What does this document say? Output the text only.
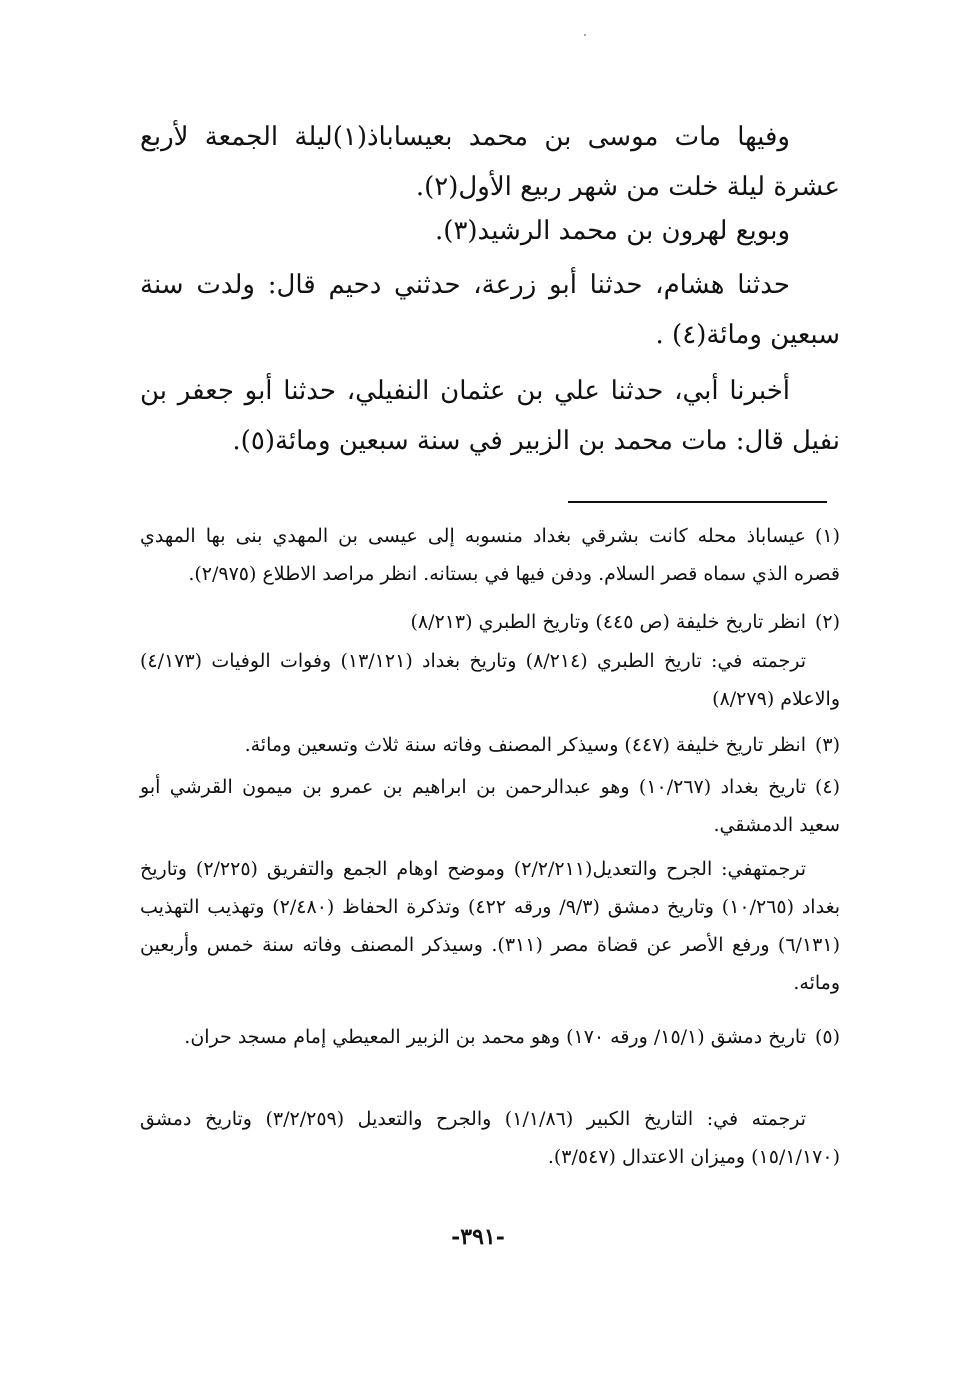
وفيها مات موسى بن محمد بعيساباذ(١)ليلة الجمعة لأربع عشرة ليلة خلت من شهر ربيع الأول(٢).

وبويع لهرون بن محمد الرشيد(٣).

حدثنا هشام، حدثنا أبو زرعة، حدثني دحيم قال: ولدت سنة سبعين ومائة(٤) .

أخبرنا أبي، حدثنا علي بن عثمان النفيلي، حدثنا أبو جعفر بن نفيل قال: مات محمد بن الزبير في سنة سبعين ومائة(٥).

(١)عيساباذ محله كانت بشرقي بغداد منسوبه إلى عيسى بن المهدي بنى بها المهدي قصره الذي سماه قصر السلام. ودفن فيها في بستانه. انظر مراصد الاطلاع (٢/٩٧٥).

(٢)انظر تاريخ خليفة (ص ٤٤٥) وتاريخ الطبري (٨/٢١٣)

ترجمته في: تاريخ الطبري (٨/٢١٤) وتاريخ بغداد (١٣/١٢١) وفوات الوفيات (٤/١٧٣) والاعلام (٨/٢٧٩)

(٣)انظر تاريخ خليفة (٤٤٧) وسيذكر المصنف وفاته سنة ثلاث وتسعين ومائة.

(٤)تاريخ بغداد (١٠/٢٦٧) وهو عبدالرحمن بن ابراهيم بن عمرو بن ميمون القرشي أبو سعيد الدمشقي.

ترجمتهفي: الجرح والتعديل(٢/٢/٢١١) وموضح اوهام الجمع والتفريق (٢/٢٢٥) وتاريخ بغداد (١٠/٢٦٥) وتاريخ دمشق (٩/٣/ ورقه ٤٢٢) وتذكرة الحفاظ (٢/٤٨٠) وتهذيب التهذيب (٦/١٣١) ورفع الأصر عن قضاة مصر (٣١١). وسيذكر المصنف وفاته سنة خمس وأربعين ومائه.

(٥)تاريخ دمشق (١٥/١/ ورقه ١٧٠) وهو محمد بن الزبير المعيطي إمام مسجد حران.

ترجمته في: التاريخ الكبير (١/١/٨٦) والجرح والتعديل (٣/٢/٢٥٩) وتاريخ دمشق (١٥/١/١٧٠) وميزان الاعتدال (٣/٥٤٧).

-٣٩١-
